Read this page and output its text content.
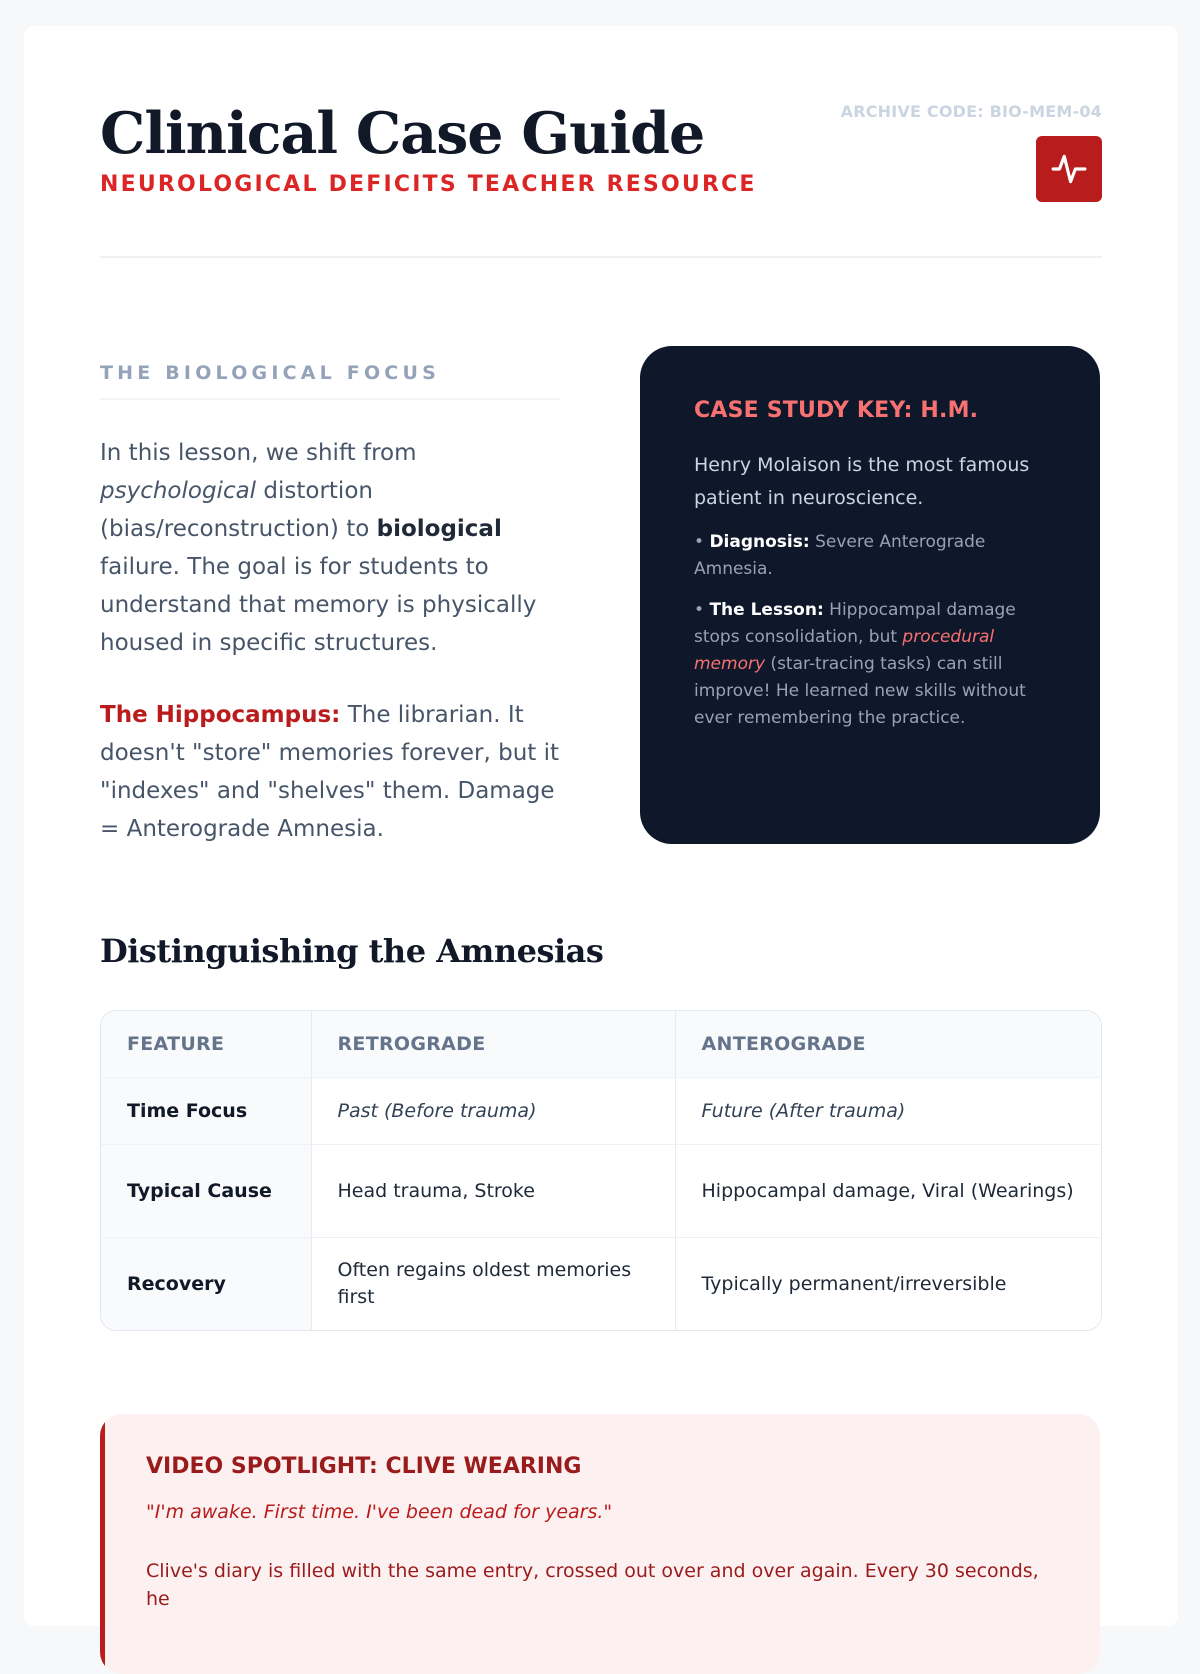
Clinical Case Guide
NEUROLOGICAL DEFICITS TEACHER RESOURCE
ARCHIVE CODE: BIO-MEM-04
THE BIOLOGICAL FOCUS

In this lesson, we shift from psychological distortion (bias/reconstruction) to biological failure. The goal is for students to understand that memory is physically housed in specific structures.

The Hippocampus: The librarian. It doesn't "store" memories forever, but it "indexes" and "shelves" them. Damage = Anterograde Amnesia.

CASE STUDY KEY: H.M.

Henry Molaison is the most famous patient in neuroscience.

• Diagnosis: Severe Anterograde Amnesia.

• The Lesson: Hippocampal damage stops consolidation, but procedural memory (star-tracing tasks) can still improve! He learned new skills without ever remembering the practice.

Distinguishing the Amnesias
FEATURE	RETROGRADE	ANTEROGRADE
Time Focus	Past (Before trauma)	Future (After trauma)
Typical Cause	Head trauma, Stroke	Hippocampal damage, Viral (Wearings)
Recovery	Often regains oldest memories first	Typically permanent/irreversible
VIDEO SPOTLIGHT: CLIVE WEARING

"I'm awake. First time. I've been dead for years."

Clive's diary is filled with the same entry, crossed out over and over again. Every 30 seconds, he
